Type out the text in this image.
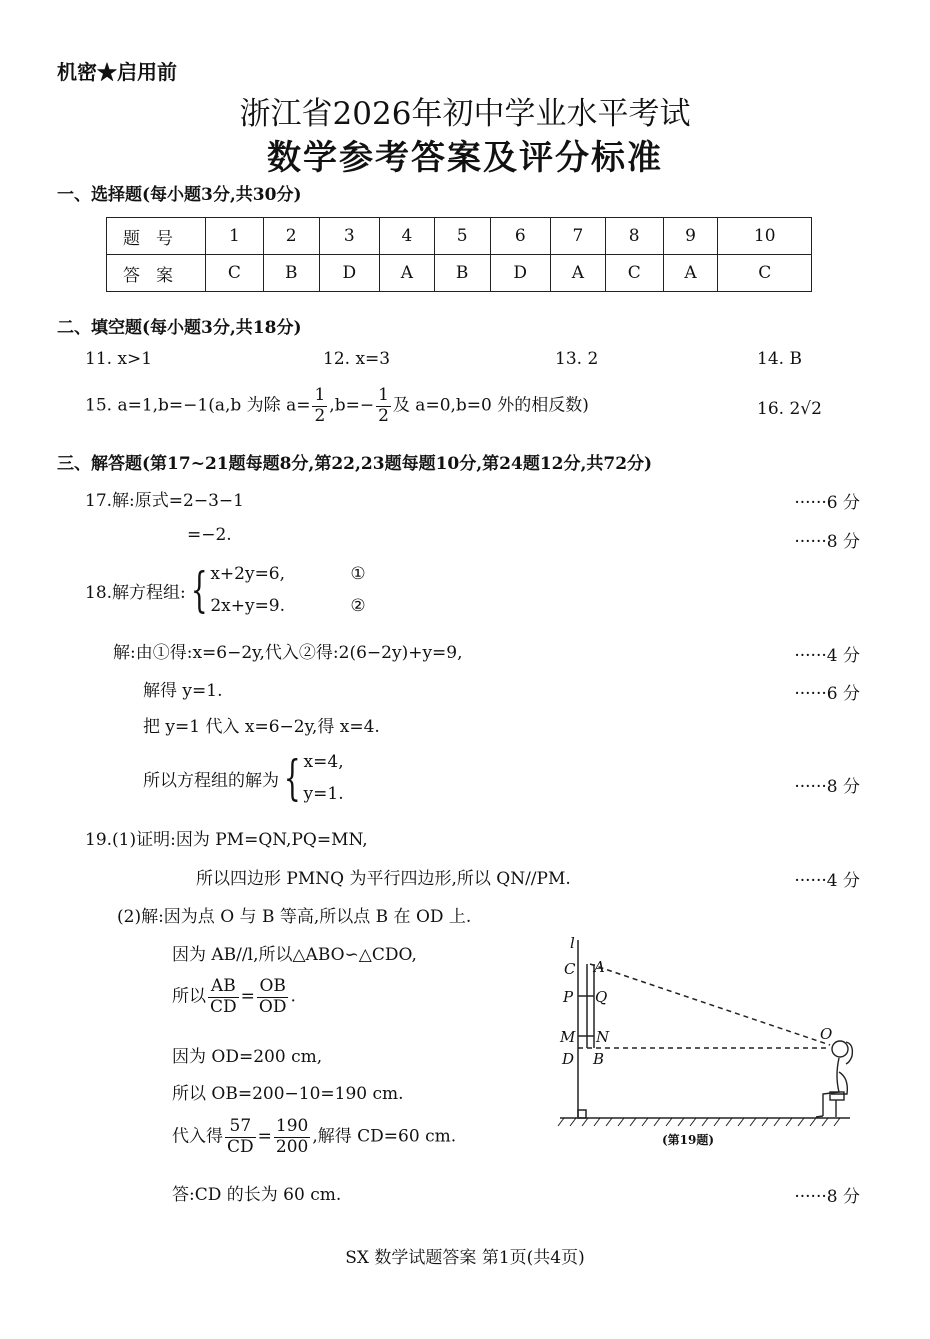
机密★启用前
浙江省2026年初中学业水平考试
数学参考答案及评分标准
一、选择题(每小题3分,共30分)
题号	1	2	3	4	5	6	7	8	9	10
答案	C	B	D	A	B	D	A	C	A	C
二、填空题(每小题3分,共18分)
11. x>1	12. x=3	13. 2	14. B
15. a=1,b=−1(a,b 为除 $a= \frac{1}{2} ,b=- \frac{1}{2}$ 及 a=0,b=0 外的相反数)	16. 2√2
三、解答题(第17~21题每题8分,第22,23题每题10分,第24题12分,共72分)
17.解:原式=2−3−1	······6 分
=−2.	······8 分
18.解方程组: { x+2y=6,	①
2x+y=9.	②
解:由①得:x=6−2y,代入②得:2(6−2y)+y=9,	······4 分
解得 y=1.	······6 分
把 y=1 代入 x=6−2y,得 x=4.
所以方程组的解为 { x=4,
y=1.	······8 分
19.(1)证明:因为 PM=QN,PQ=MN,
所以四边形 PMNQ 为平行四边形,所以 QN//PM.	······4 分
(2)解:因为点 O 与 B 等高,所以点 B 在 OD 上.
因为 AB//l,所以△ABO∽△CDO,
所以 $\frac{AB}{CD} = \frac{OB}{OD}$ .
因为 OD=200 cm,
所以 OB=200−10=190 cm.
代入得 $\frac{57}{CD} = \frac{190}{200}$ ,解得 CD=60 cm.
答:CD 的长为 60 cm.	······8 分
l
C A
P Q
M N
D B
O
(第19题)
SX 数学试题答案 第1页(共4页)
